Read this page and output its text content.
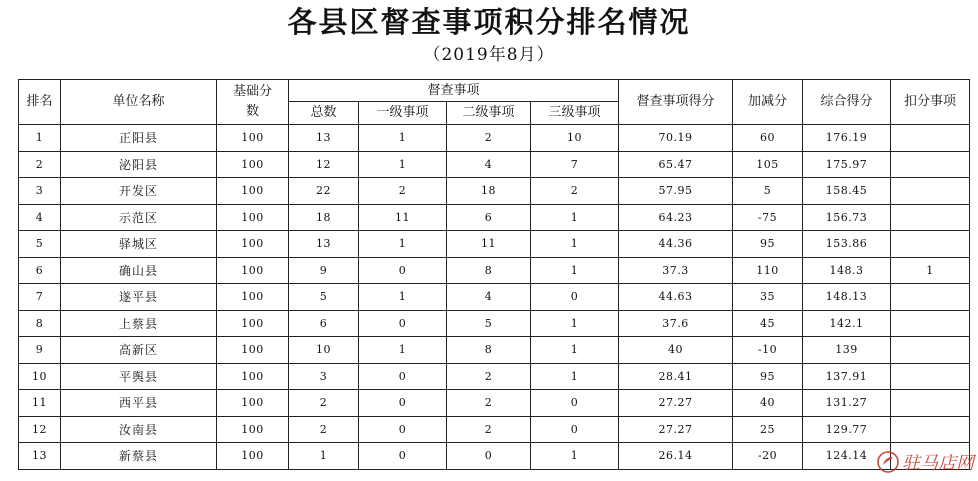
各县区督查事项积分排名情况
（2019年8月）
排名	单位名称	基础分数	督查事项				督查事项得分	加减分	综合得分	扣分事项
			总数	一级事项	二级事项	三级事项				
1	正阳县	100	13	1	2	10	70.19	60	176.19	
2	泌阳县	100	12	1	4	7	65.47	105	175.97	
3	开发区	100	22	2	18	2	57.95	5	158.45	
4	示范区	100	18	11	6	1	64.23	-75	156.73	
5	驿城区	100	13	1	11	1	44.36	95	153.86	
6	确山县	100	9	0	8	1	37.3	110	148.3	1
7	遂平县	100	5	1	4	0	44.63	35	148.13	
8	上蔡县	100	6	0	5	1	37.6	45	142.1	
9	高新区	100	10	1	8	1	40	-10	139	
10	平舆县	100	3	0	2	1	28.41	95	137.91	
11	西平县	100	2	0	2	0	27.27	40	131.27	
12	汝南县	100	2	0	2	0	27.27	25	129.77	
13	新蔡县	100	1	0	0	1	26.14	-20	124.14	驻马店网
